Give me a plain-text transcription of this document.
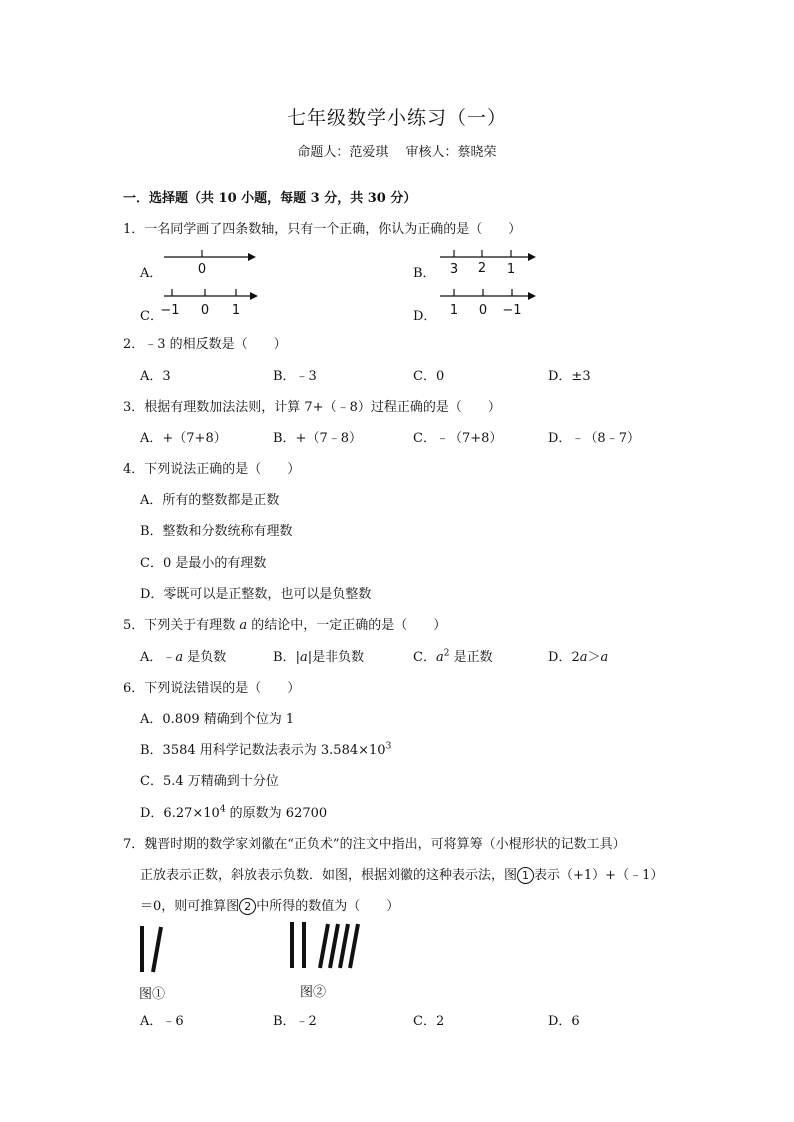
七年级数学小练习（一）
命题人：范爱琪　 审核人：蔡晓荣
一．选择题（共 10 小题，每题 3 分，共 30 分）
1．一名同学画了四条数轴，只有一个正确，你认为正确的是（　　）
A．	0	B． 3 2 1
C．
−1 0 1	D． 1 0 −1
2．﹣3 的相反数是（　　）
A．3	B．﹣3	C．0	D．±3
3．根据有理数加法法则，计算 7+（﹣8）过程正确的是（　　）
A．+（7+8）	B．+（7﹣8）	C．﹣（7+8）	D．﹣（8﹣7）
4．下列说法正确的是（　　）
A．所有的整数都是正数
B．整数和分数统称有理数
C．0 是最小的有理数
D．零既可以是正整数，也可以是负整数
5．下列关于有理数 a 的结论中，一定正确的是（　　）
A．﹣a 是负数	B．|a|是非负数	C．$a^2$ 是正数	D．2a＞a
6．下列说法错误的是（　　）
A．0.809 精确到个位为 1
B．3584 用科学记数法表示为 $3.584\times 10^3$
C．5.4 万精确到十分位
D．$6.27\times 10^4$ 的原数为 62700
7．魏晋时期的数学家刘徽在“正负术”的注文中指出，可将算筹（小棍形状的记数工具）
正放表示正数，斜放表示负数．如图，根据刘徽的这种表示法，图 1 表示（+1）+（﹣1）
＝0，则可推算图 2 中所得的数值为（　　）
图①	图②
A．﹣6	B．﹣2	C．2	D．6
